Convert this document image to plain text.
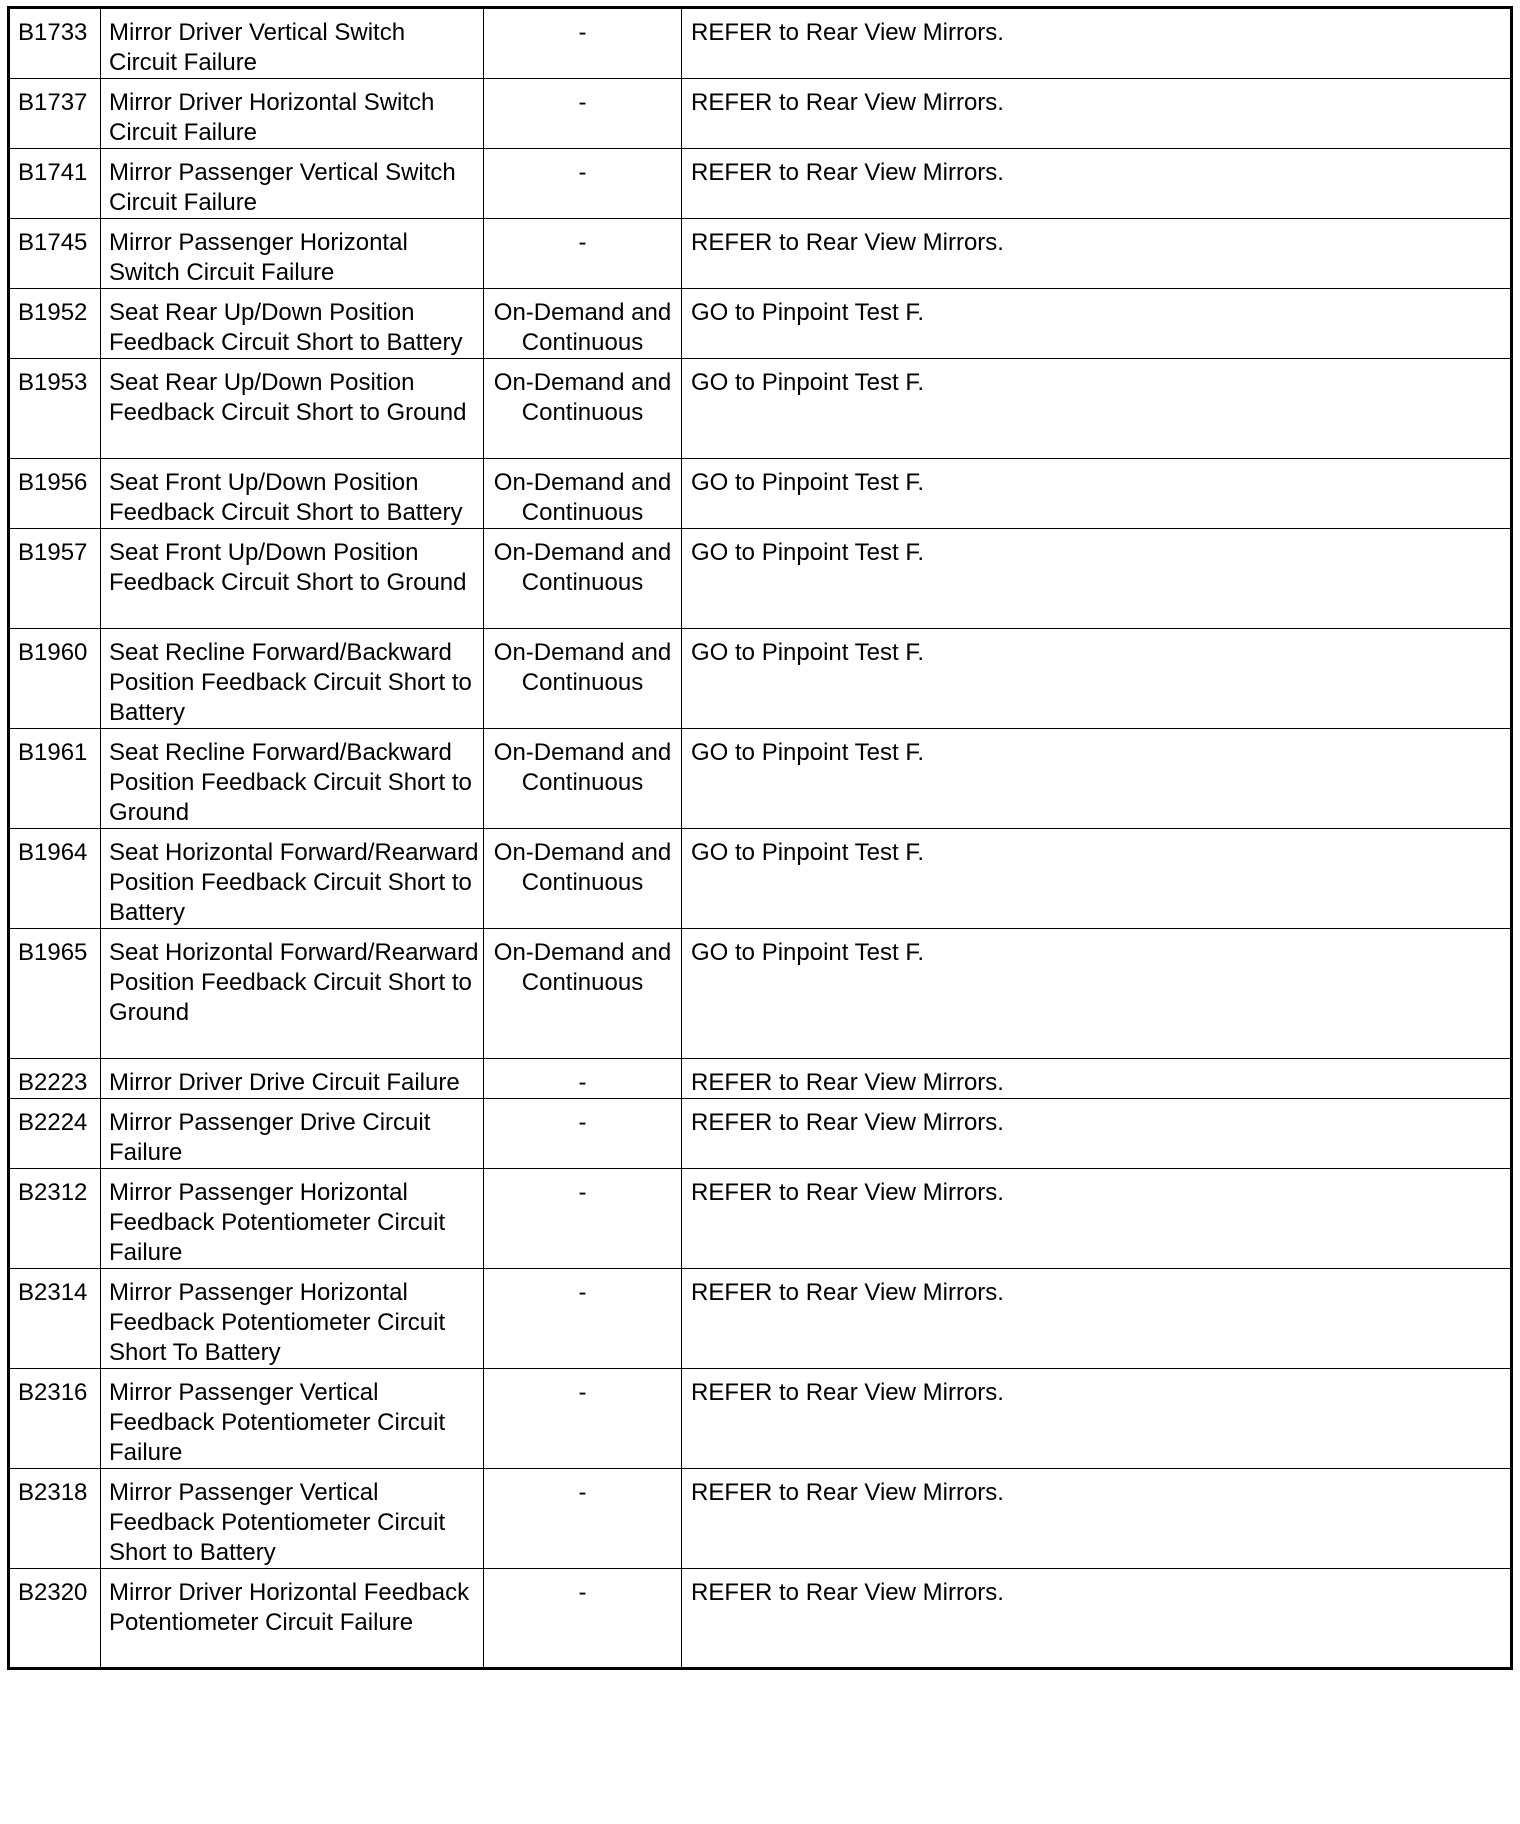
B1733	Mirror Driver Vertical Switch Circuit Failure	-	REFER to Rear View Mirrors.
B1737	Mirror Driver Horizontal Switch Circuit Failure	-	REFER to Rear View Mirrors.
B1741	Mirror Passenger Vertical Switch Circuit Failure	-	REFER to Rear View Mirrors.
B1745	Mirror Passenger Horizontal Switch Circuit Failure	-	REFER to Rear View Mirrors.
B1952	Seat Rear Up/Down Position Feedback Circuit Short to Battery	On-Demand and Continuous	GO to Pinpoint Test F.
B1953	Seat Rear Up/Down Position Feedback Circuit Short to Ground	On-Demand and Continuous	GO to Pinpoint Test F.
B1956	Seat Front Up/Down Position Feedback Circuit Short to Battery	On-Demand and Continuous	GO to Pinpoint Test F.
B1957	Seat Front Up/Down Position Feedback Circuit Short to Ground	On-Demand and Continuous	GO to Pinpoint Test F.
B1960	Seat Recline Forward/Backward Position Feedback Circuit Short to Battery	On-Demand and Continuous	GO to Pinpoint Test F.
B1961	Seat Recline Forward/Backward Position Feedback Circuit Short to Ground	On-Demand and Continuous	GO to Pinpoint Test F.
B1964	Seat Horizontal Forward/Rearward Position Feedback Circuit Short to Battery	On-Demand and Continuous	GO to Pinpoint Test F.
B1965	Seat Horizontal Forward/Rearward Position Feedback Circuit Short to Ground	On-Demand and Continuous	GO to Pinpoint Test F.
B2223	Mirror Driver Drive Circuit Failure	-	REFER to Rear View Mirrors.
B2224	Mirror Passenger Drive Circuit Failure	-	REFER to Rear View Mirrors.
B2312	Mirror Passenger Horizontal Feedback Potentiometer Circuit Failure	-	REFER to Rear View Mirrors.
B2314	Mirror Passenger Horizontal Feedback Potentiometer Circuit Short To Battery	-	REFER to Rear View Mirrors.
B2316	Mirror Passenger Vertical Feedback Potentiometer Circuit Failure	-	REFER to Rear View Mirrors.
B2318	Mirror Passenger Vertical Feedback Potentiometer Circuit Short to Battery	-	REFER to Rear View Mirrors.
B2320	Mirror Driver Horizontal Feedback Potentiometer Circuit Failure	-	REFER to Rear View Mirrors.
